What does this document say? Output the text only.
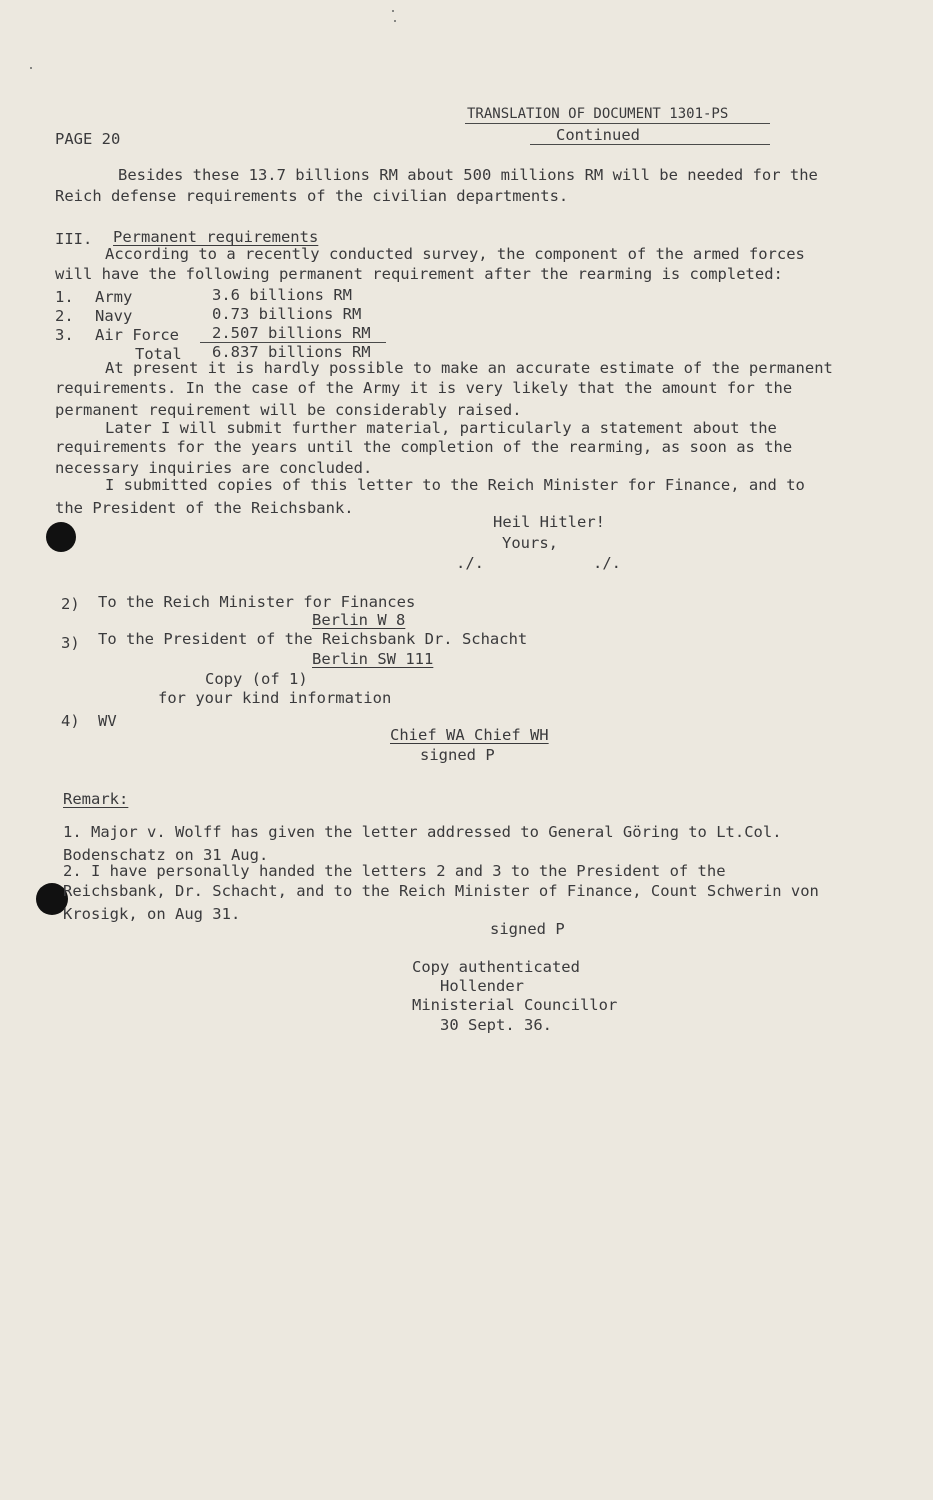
TRANSLATION OF DOCUMENT 1301-PS
Continued
PAGE 20
Besides these 13.7 billions RM about 500 millions RM will be needed for the
Reich defense requirements of the civilian departments.
III. Permanent requirements
According to a recently conducted survey, the component of the armed forces
will have the following permanent requirement after the rearming is completed:
1. Army	3.6 billions RM
2. Navy	0.73 billions RM
3. Air Force 2.507 billions RM
Total 6.837 billions RM
At present it is hardly possible to make an accurate estimate of the permanent
requirements. In the case of the Army it is very likely that the amount for the
permanent requirement will be considerably raised.
Later I will submit further material, particularly a statement about the
requirements for the years until the completion of the rearming, as soon as the
necessary inquiries are concluded.
I submitted copies of this letter to the Reich Minister for Finance, and to
the President of the Reichsbank.
Heil Hitler!
Yours,
./.	./.
2) To the Reich Minister for Finances
Berlin W 8
3) To the President of the Reichsbank Dr. Schacht
Berlin SW 111
Copy (of 1)
for your kind information
4) WV
Chief WA Chief WH
signed P
Remark:
1. Major v. Wolff has given the letter addressed to General Göring to Lt.Col.
Bodenschatz on 31 Aug.
2. I have personally handed the letters 2 and 3 to the President of the
Reichsbank, Dr. Schacht, and to the Reich Minister of Finance, Count Schwerin von
Krosigk, on Aug 31.
signed P
Copy authenticated
Hollender
Ministerial Councillor
30 Sept. 36.
